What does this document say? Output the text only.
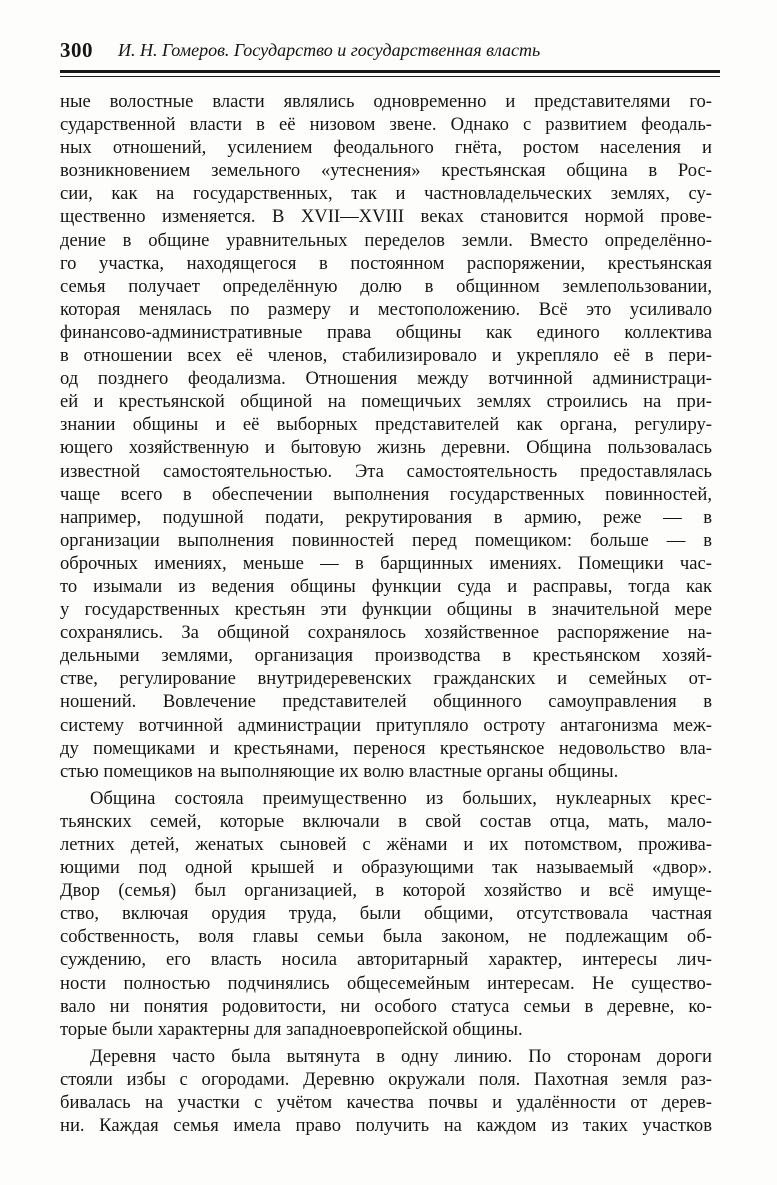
300 И. Н. Гомеров. Государство и государственная власть
ные волостные власти являлись одновременно и представителями го-
сударственной власти в её низовом звене. Однако с развитием феодаль-
ных отношений, усилением феодального гнёта, ростом населения и
возникновением земельного «утеснения» крестьянская община в Рос-
сии, как на государственных, так и частновладельческих землях, су-
щественно изменяется. В XVII—XVIII веках становится нормой прове-
дение в общине уравнительных переделов земли. Вместо определённо-
го участка, находящегося в постоянном распоряжении, крестьянская
семья получает определённую долю в общинном землепользовании,
которая менялась по размеру и местоположению. Всё это усиливало
финансово-административные права общины как единого коллектива
в отношении всех её членов, стабилизировало и укрепляло её в пери-
од позднего феодализма. Отношения между вотчинной администраци-
ей и крестьянской общиной на помещичьих землях строились на при-
знании общины и её выборных представителей как органа, регулиру-
ющего хозяйственную и бытовую жизнь деревни. Община пользовалась
известной самостоятельностью. Эта самостоятельность предоставлялась
чаще всего в обеспечении выполнения государственных повинностей,
например, подушной подати, рекрутирования в армию, реже — в
организации выполнения повинностей перед помещиком: больше — в
оброчных имениях, меньше — в барщинных имениях. Помещики час-
то изымали из ведения общины функции суда и расправы, тогда как
у государственных крестьян эти функции общины в значительной мере
сохранялись. За общиной сохранялось хозяйственное распоряжение на-
дельными землями, организация производства в крестьянском хозяй-
стве, регулирование внутридеревенских гражданских и семейных от-
ношений. Вовлечение представителей общинного самоуправления в
систему вотчинной администрации притупляло остроту антагонизма меж-
ду помещиками и крестьянами, перенося крестьянское недовольство вла-
стью помещиков на выполняющие их волю властные органы общины.
Община состояла преимущественно из больших, нуклеарных крес-
тьянских семей, которые включали в свой состав отца, мать, мало-
летних детей, женатых сыновей с жёнами и их потомством, прожива-
ющими под одной крышей и образующими так называемый «двор».
Двор (семья) был организацией, в которой хозяйство и всё имуще-
ство, включая орудия труда, были общими, отсутствовала частная
собственность, воля главы семьи была законом, не подлежащим об-
суждению, его власть носила авторитарный характер, интересы лич-
ности полностью подчинялись общесемейным интересам. Не существо-
вало ни понятия родовитости, ни особого статуса семьи в деревне, ко-
торые были характерны для западноевропейской общины.
Деревня часто была вытянута в одну линию. По сторонам дороги
стояли избы с огородами. Деревню окружали поля. Пахотная земля раз-
бивалась на участки с учётом качества почвы и удалённости от дерев-
ни. Каждая семья имела право получить на каждом из таких участков
